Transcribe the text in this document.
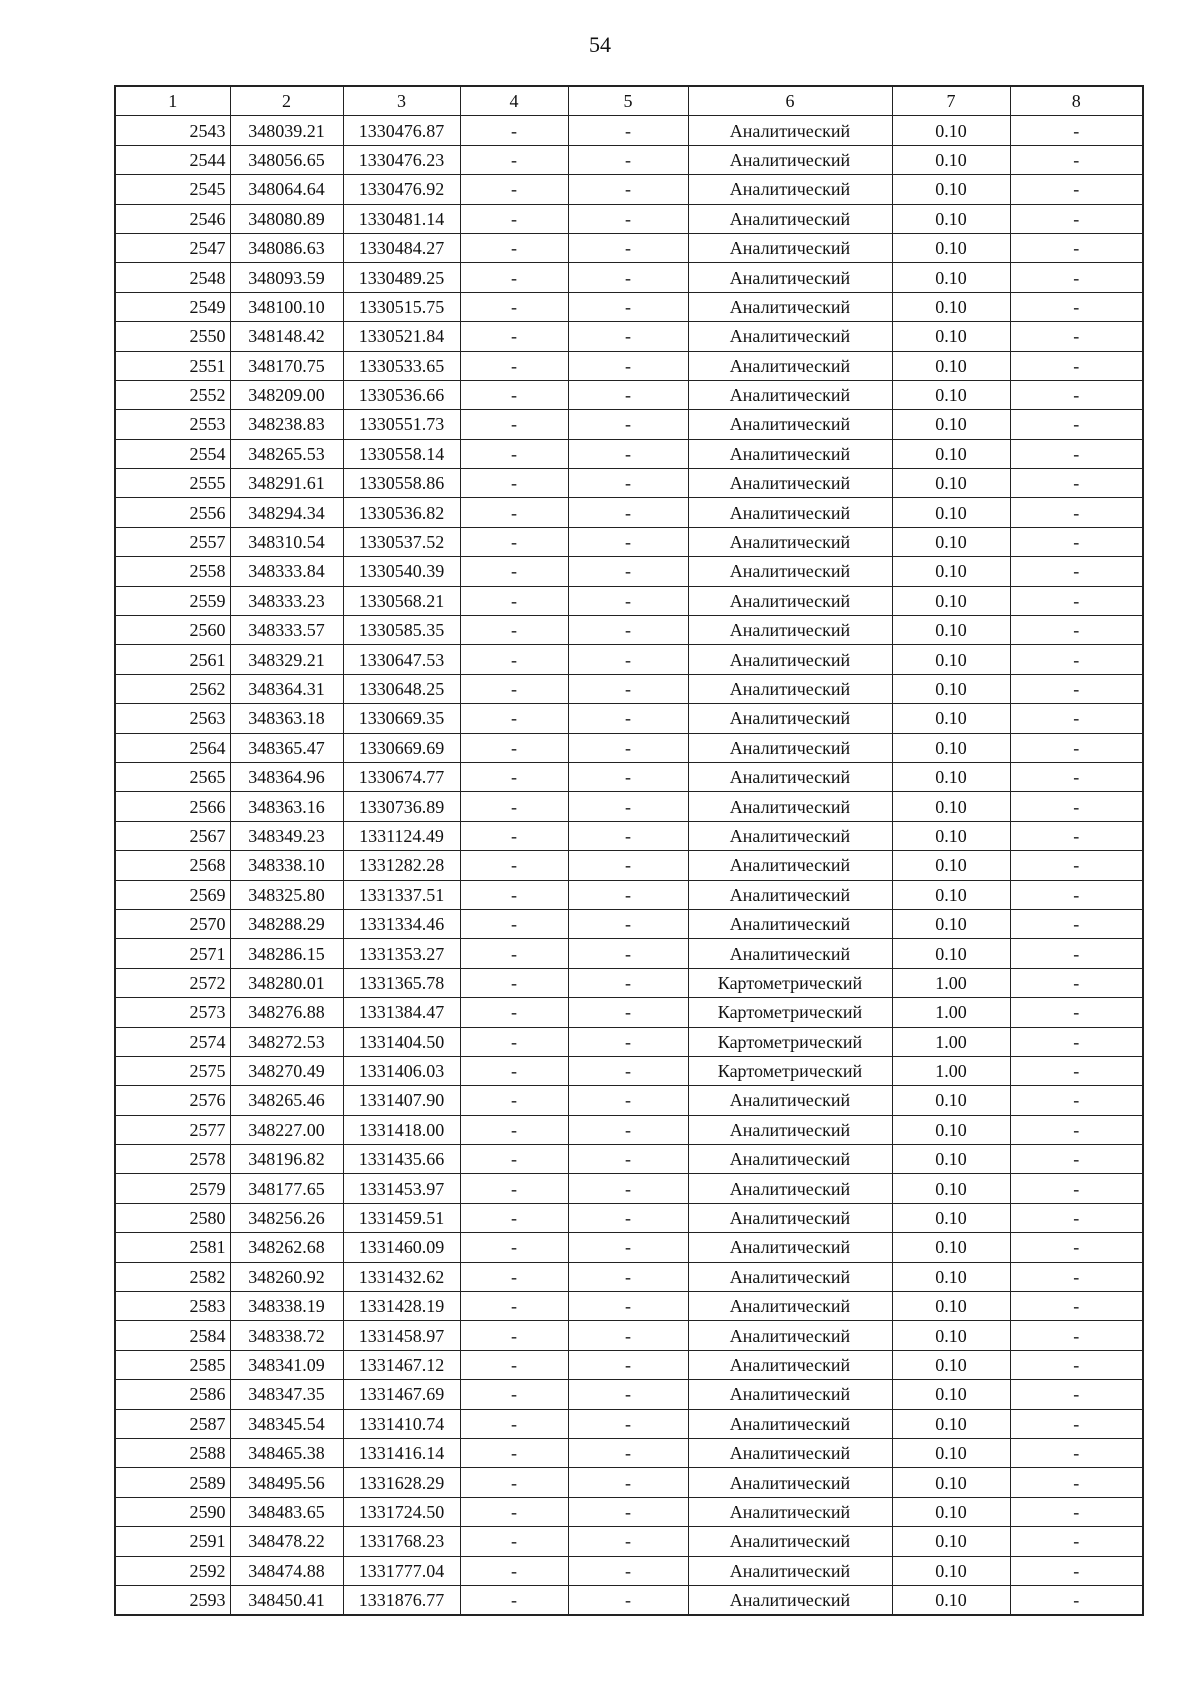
54
1	2	3	4	5	6	7	8
2543	348039.21	1330476.87	-	-	Аналитический	0.10	-
2544	348056.65	1330476.23	-	-	Аналитический	0.10	-
2545	348064.64	1330476.92	-	-	Аналитический	0.10	-
2546	348080.89	1330481.14	-	-	Аналитический	0.10	-
2547	348086.63	1330484.27	-	-	Аналитический	0.10	-
2548	348093.59	1330489.25	-	-	Аналитический	0.10	-
2549	348100.10	1330515.75	-	-	Аналитический	0.10	-
2550	348148.42	1330521.84	-	-	Аналитический	0.10	-
2551	348170.75	1330533.65	-	-	Аналитический	0.10	-
2552	348209.00	1330536.66	-	-	Аналитический	0.10	-
2553	348238.83	1330551.73	-	-	Аналитический	0.10	-
2554	348265.53	1330558.14	-	-	Аналитический	0.10	-
2555	348291.61	1330558.86	-	-	Аналитический	0.10	-
2556	348294.34	1330536.82	-	-	Аналитический	0.10	-
2557	348310.54	1330537.52	-	-	Аналитический	0.10	-
2558	348333.84	1330540.39	-	-	Аналитический	0.10	-
2559	348333.23	1330568.21	-	-	Аналитический	0.10	-
2560	348333.57	1330585.35	-	-	Аналитический	0.10	-
2561	348329.21	1330647.53	-	-	Аналитический	0.10	-
2562	348364.31	1330648.25	-	-	Аналитический	0.10	-
2563	348363.18	1330669.35	-	-	Аналитический	0.10	-
2564	348365.47	1330669.69	-	-	Аналитический	0.10	-
2565	348364.96	1330674.77	-	-	Аналитический	0.10	-
2566	348363.16	1330736.89	-	-	Аналитический	0.10	-
2567	348349.23	1331124.49	-	-	Аналитический	0.10	-
2568	348338.10	1331282.28	-	-	Аналитический	0.10	-
2569	348325.80	1331337.51	-	-	Аналитический	0.10	-
2570	348288.29	1331334.46	-	-	Аналитический	0.10	-
2571	348286.15	1331353.27	-	-	Аналитический	0.10	-
2572	348280.01	1331365.78	-	-	Картометрический	1.00	-
2573	348276.88	1331384.47	-	-	Картометрический	1.00	-
2574	348272.53	1331404.50	-	-	Картометрический	1.00	-
2575	348270.49	1331406.03	-	-	Картометрический	1.00	-
2576	348265.46	1331407.90	-	-	Аналитический	0.10	-
2577	348227.00	1331418.00	-	-	Аналитический	0.10	-
2578	348196.82	1331435.66	-	-	Аналитический	0.10	-
2579	348177.65	1331453.97	-	-	Аналитический	0.10	-
2580	348256.26	1331459.51	-	-	Аналитический	0.10	-
2581	348262.68	1331460.09	-	-	Аналитический	0.10	-
2582	348260.92	1331432.62	-	-	Аналитический	0.10	-
2583	348338.19	1331428.19	-	-	Аналитический	0.10	-
2584	348338.72	1331458.97	-	-	Аналитический	0.10	-
2585	348341.09	1331467.12	-	-	Аналитический	0.10	-
2586	348347.35	1331467.69	-	-	Аналитический	0.10	-
2587	348345.54	1331410.74	-	-	Аналитический	0.10	-
2588	348465.38	1331416.14	-	-	Аналитический	0.10	-
2589	348495.56	1331628.29	-	-	Аналитический	0.10	-
2590	348483.65	1331724.50	-	-	Аналитический	0.10	-
2591	348478.22	1331768.23	-	-	Аналитический	0.10	-
2592	348474.88	1331777.04	-	-	Аналитический	0.10	-
2593	348450.41	1331876.77	-	-	Аналитический	0.10	-
